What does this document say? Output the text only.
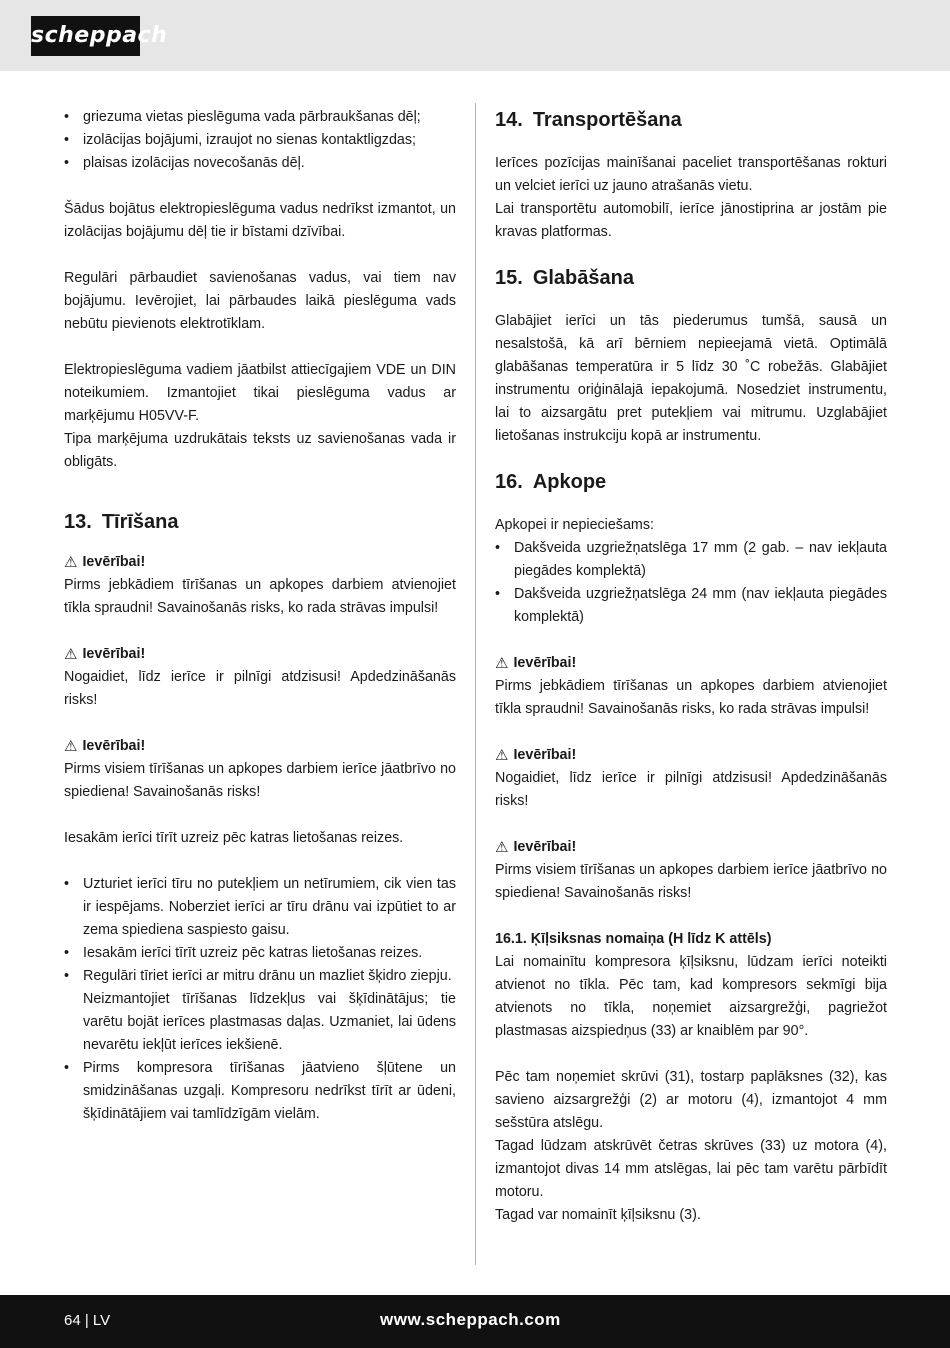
scheppach
• griezuma vietas pieslēguma vada pārbraukšanas dēļ;
• izolācijas bojājumi, izraujot no sienas kontaktligzdas;
• plaisas izolācijas novecošanās dēļ.

Šādus bojātus elektropieslēguma vadus nedrīkst izmantot, un izolācijas bojājumu dēļ tie ir bīstami dzīvībai.

Regulāri pārbaudiet savienošanas vadus, vai tiem nav bojājumu. Ievērojiet, lai pārbaudes laikā pieslēguma vads nebūtu pievienots elektrotīklam.

Elektropieslēguma vadiem jāatbilst attiecīgajiem VDE un DIN noteikumiem. Izmantojiet tikai pieslēguma vadus ar marķējumu H05VV-F.

Tipa marķējuma uzdrukātais teksts uz savienošanas vada ir obligāts.

13. Tīrīšana
⚠ Ievērībai!

Pirms jebkādiem tīrīšanas un apkopes darbiem atvienojiet tīkla spraudni! Savainošanās risks, ko rada strāvas impulsi!

⚠ Ievērībai!

Nogaidiet, līdz ierīce ir pilnīgi atdzisusi! Apdedzināšanās risks!

⚠ Ievērībai!

Pirms visiem tīrīšanas un apkopes darbiem ierīce jāatbrīvo no spiediena! Savainošanās risks!

Iesakām ierīci tīrīt uzreiz pēc katras lietošanas reizes.

• Uzturiet ierīci tīru no putekļiem un netīrumiem, cik vien tas ir iespējams. Noberziet ierīci ar tīru drānu vai izpūtiet to ar zema spiediena saspiesto gaisu.
• Iesakām ierīci tīrīt uzreiz pēc katras lietošanas reizes.
• Regulāri tīriet ierīci ar mitru drānu un mazliet šķidro ziepju.
Neizmantojiet tīrīšanas līdzekļus vai šķīdinātājus; tie varētu bojāt ierīces plastmasas daļas. Uzmaniet, lai ūdens nevarētu iekļūt ierīces iekšienē.
• Pirms kompresora tīrīšanas jāatvieno šļūtene un smidzināšanas uzgaļi. Kompresoru nedrīkst tīrīt ar ūdeni, šķīdinātājiem vai tamlīdzīgām vielām.
14. Transportēšana

Ierīces pozīcijas mainīšanai paceliet transportēšanas rokturi un velciet ierīci uz jauno atrašanās vietu.

Lai transportētu automobilī, ierīce jānostiprina ar jostām pie kravas platformas.

15. Glabāšana

Glabājiet ierīci un tās piederumus tumšā, sausā un nesalstošā, kā arī bērniem nepieejamā vietā. Optimālā glabāšanas temperatūra ir 5 līdz 30 ˚C robežās. Glabājiet instrumentu oriģinālajā iepakojumā. Nosedziet instrumentu, lai to aizsargātu pret putekļiem vai mitrumu. Uzglabājiet lietošanas instrukciju kopā ar instrumentu.

16. Apkope

Apkopei ir nepieciešams:

• Dakšveida uzgriežņatslēga 17 mm (2 gab. – nav iekļauta piegādes komplektā)
• Dakšveida uzgriežņatslēga 24 mm (nav iekļauta piegādes komplektā)
⚠ Ievērībai!

Pirms jebkādiem tīrīšanas un apkopes darbiem atvienojiet tīkla spraudni! Savainošanās risks, ko rada strāvas impulsi!

⚠ Ievērībai!

Nogaidiet, līdz ierīce ir pilnīgi atdzisusi! Apdedzināšanās risks!

⚠ Ievērībai!

Pirms visiem tīrīšanas un apkopes darbiem ierīce jāatbrīvo no spiediena! Savainošanās risks!

16.1. Ķīļsiksnas nomaiņa (H līdz K attēls)

Lai nomainītu kompresora ķīļsiksnu, lūdzam ierīci noteikti atvienot no tīkla. Pēc tam, kad kompresors sekmīgi bija atvienots no tīkla, noņemiet aizsargrežģi, pagriežot plastmasas aizspiedņus (33) ar knaiblēm par 90°.

Pēc tam noņemiet skrūvi (31), tostarp paplāksnes (32), kas savieno aizsargrežģi (2) ar motoru (4), izmantojot 4 mm sešstūra atslēgu.

Tagad lūdzam atskrūvēt četras skrūves (33) uz motora (4), izmantojot divas 14 mm atslēgas, lai pēc tam varētu pārbīdīt motoru.

Tagad var nomainīt ķīļsiksnu (3).

64 | LV	www.scheppach.com
